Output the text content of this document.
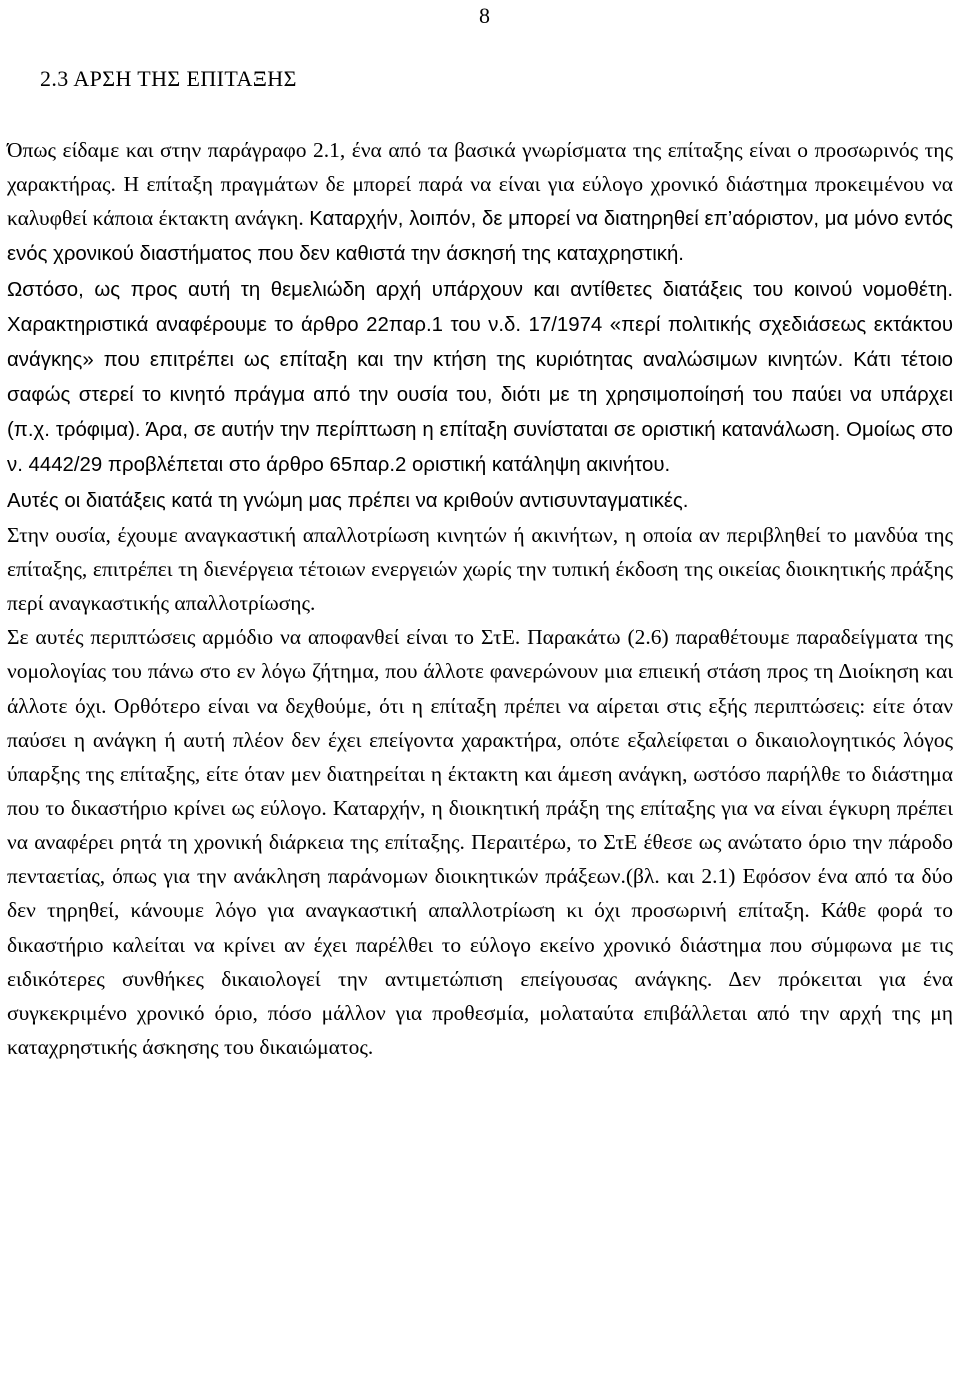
8
2.3 ΑΡΣΗ ΤΗΣ ΕΠΙΤΑΞΗΣ

Όπως είδαμε και στην παράγραφο 2.1, ένα από τα βασικά γνωρίσματα της επίταξης είναι ο προσωρινός της χαρακτήρας. Η επίταξη πραγμάτων δε μπορεί παρά να είναι για εύλογο χρονικό διάστημα προκειμένου να καλυφθεί κάποια έκτακτη ανάγκη. Καταρχήν, λοιπόν, δε μπορεί να διατηρηθεί επ’αόριστον, μα μόνο εντός ενός χρονικού διαστήματος που δεν καθιστά την άσκησή της καταχρηστική.

Ωστόσο, ως προς αυτή τη θεμελιώδη αρχή υπάρχουν και αντίθετες διατάξεις του κοινού νομοθέτη. Χαρακτηριστικά αναφέρουμε το άρθρο 22παρ.1 του ν.δ. 17/1974 «περί πολιτικής σχεδιάσεως εκτάκτου ανάγκης» που επιτρέπει ως επίταξη και την κτήση της κυριότητας αναλώσιμων κινητών. Κάτι τέτοιο σαφώς στερεί το κινητό πράγμα από την ουσία του, διότι με τη χρησιμοποίησή του παύει να υπάρχει (π.χ. τρόφιμα). Άρα, σε αυτήν την περίπτωση η επίταξη συνίσταται σε οριστική κατανάλωση. Ομοίως στο ν. 4442/29 προβλέπεται στο άρθρο 65παρ.2 οριστική κατάληψη ακινήτου.

Αυτές οι διατάξεις κατά τη γνώμη μας πρέπει να κριθούν αντισυνταγματικές.

Στην ουσία, έχουμε αναγκαστική απαλλοτρίωση κινητών ή ακινήτων, η οποία αν περιβληθεί το μανδύα της επίταξης, επιτρέπει τη διενέργεια τέτοιων ενεργειών χωρίς την τυπική έκδοση της οικείας διοικητικής πράξης περί αναγκαστικής απαλλοτρίωσης.

Σε αυτές περιπτώσεις αρμόδιο να αποφανθεί είναι το ΣτΕ. Παρακάτω (2.6) παραθέτουμε παραδείγματα της νομολογίας του πάνω στο εν λόγω ζήτημα, που άλλοτε φανερώνουν μια επιεική στάση προς τη Διοίκηση και άλλοτε όχι. Ορθότερο είναι να δεχθούμε, ότι η επίταξη πρέπει να αίρεται στις εξής περιπτώσεις: είτε όταν παύσει η ανάγκη ή αυτή πλέον δεν έχει επείγοντα χαρακτήρα, οπότε εξαλείφεται ο δικαιολογητικός λόγος ύπαρξης της επίταξης, είτε όταν μεν διατηρείται η έκτακτη και άμεση ανάγκη, ωστόσο παρήλθε το διάστημα που το δικαστήριο κρίνει ως εύλογο. Καταρχήν, η διοικητική πράξη της επίταξης για να είναι έγκυρη πρέπει να αναφέρει ρητά τη χρονική διάρκεια της επίταξης. Περαιτέρω, το ΣτΕ έθεσε ως ανώτατο όριο την πάροδο πενταετίας, όπως για την ανάκληση παράνομων διοικητικών πράξεων.(βλ. και 2.1) Εφόσον ένα από τα δύο δεν τηρηθεί, κάνουμε λόγο για αναγκαστική απαλλοτρίωση κι όχι προσωρινή επίταξη. Κάθε φορά το δικαστήριο καλείται να κρίνει αν έχει παρέλθει το εύλογο εκείνο χρονικό διάστημα που σύμφωνα με τις ειδικότερες συνθήκες δικαιολογεί την αντιμετώπιση επείγουσας ανάγκης. Δεν πρόκειται για ένα συγκεκριμένο χρονικό όριο, πόσο μάλλον για προθεσμία, μολαταύτα επιβάλλεται από την αρχή της μη καταχρηστικής άσκησης του δικαιώματος.
